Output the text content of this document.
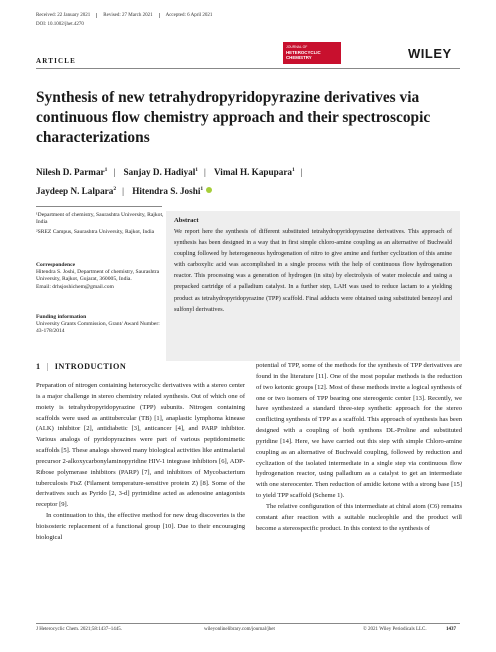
Received: 22 January 2021	Revised: 27 March 2021	Accepted: 6 April 2021
DOI: 10.1002/jhet.4270
JOURNAL OF
HETEROCYCLIC
CHEMISTRY	WILEY
ARTICLE
Synthesis of new tetrahydropyridopyrazine derivatives via continuous flow chemistry approach and their spectroscopic characterizations
Nilesh D. Parmar$^1$ | Sanjay D. Hadiyal$^1$ | Vimal H. Kapupara$^1$ |
Jaydeep N. Lalpara$^2$ | Hitendra S. Joshi$^1$
¹Department of chemistry, Saurashtra University, Rajkot, India
²SREZ Campus, Saurashtra University, Rajkot, India
Correspondence
Hitendra S. Joshi, Department of chemistry, Saurashtra University, Rajkot, Gujarat, 360005, India.
Email: drhsjoshichem@gmail.com
Funding information
University Grants Commission, Grant/ Award Number: 43-178/2014
Abstract
We report here the synthesis of different substituted tetrahydropyridopyrazine derivatives. This approach of synthesis has been designed in a way that in first simple chloro-amine coupling as an alternative of Buchwald coupling followed by heterogeneous hydrogenation of nitro to give amine and further cyclization of this amine with carboxylic acid was accomplished in a single process with the help of continuous flow hydrogenation reactor. This processing was a generation of hydrogen (in situ) by electrolysis of water molecule and using a prepacked cartridge of a palladium catalyst. In a further step, LAH was used to reduce lactam to a yielding product as tetrahydropyridopyrazine (TPP) scaffold. Final adducts were obtained using substituted benzoyl and sulfonyl derivatives.
1 | INTRODUCTION

Preparation of nitrogen containing heterocyclic derivatives with a stereo center is a major challenge in stereo chemistry related synthesis. Out of which one of moiety is tetrahydropyridopyrazine (TPP) subunits. Nitrogen containing scaffolds were used as antitubercular (TB) [1], anaplastic lymphoma kinease (ALK) inhibitor [2], antidiabetic [3], anticancer [4], and PARP inhibitor. Various analogs of pyridopyrazines were part of various peptidomimetic scaffolds [5]. These analogs showed many biological activities like antimalarial precursor 2-alkoxycarbonylaminopyridine HIV-1 integrase inhibitors [6], ADP-Ribose polymerase inhibitors (PARP) [7], and inhibitors of Mycobacterium tuberculosis FtsZ (Filament temperature-sensitive protein Z) [8]. Some of the derivatives such as Pyrido [2, 3-d] pyrimidine acted as adenosine antagonists receptor [9].

In continuation to this, the effective method for new drug discoveries is the bioisosteric replacement of a functional group [10]. Due to their encouraging biological

potential of TPP, some of the methods for the synthesis of TPP derivatives are found in the literature [11]. One of the most popular methods is the reduction of two ketonic groups [12]. Most of these methods invite a logical synthesis of one or two isomers of TPP bearing one stereogenic center [13]. Recently, we have synthesized a standard three-step synthetic approach for the stereo conflicting synthesis of TPP as a scaffold. This approach of synthesis has been designed with a coupling of both synthons DL-Proline and substituted pyridine [14]. Here, we have carried out this step with simple Chloro-amine coupling as an alternative of Buchwald coupling, followed by reduction and cyclization of the isolated intermediate in a single step via continuous flow hydrogenation reactor, using palladium as a catalyst to get an intermediate with one stereocenter. Then reduction of amidic ketone with a strong base [15] to yield TPP scaffold (Scheme 1).

The relative configuration of this intermediate at chiral atom (C6) remains constant after reaction with a suitable nucleophile and the product will become a stereospecific product. In this context to the synthesis of

J Heterocyclic Chem. 2021;58:1437–1445.	wileyonlinelibrary.com/journal/jhet	© 2021 Wiley Periodicals LLC.	1437
